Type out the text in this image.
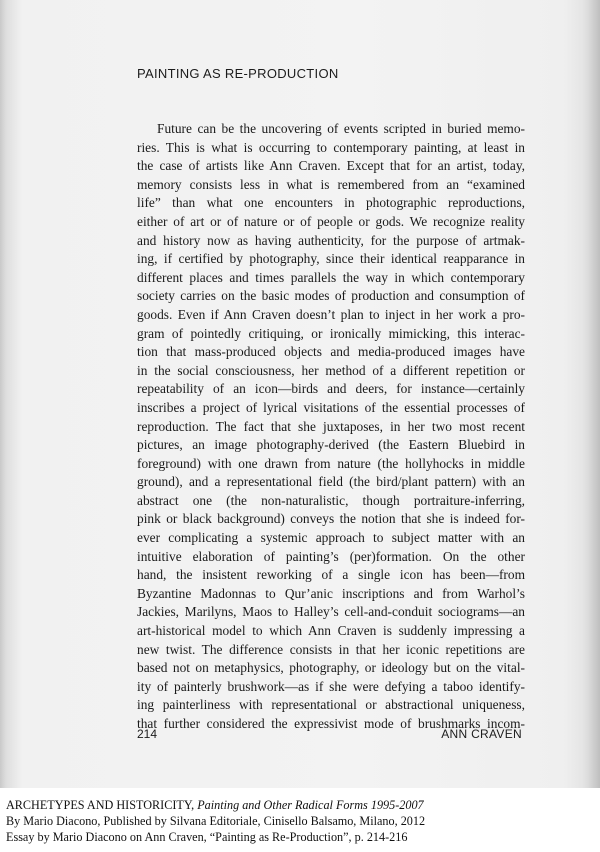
PAINTING AS RE-PRODUCTION
Future can be the uncovering of events scripted in buried memo-
ries. This is what is occurring to contemporary painting, at least in
the case of artists like Ann Craven. Except that for an artist, today,
memory consists less in what is remembered from an “examined
life” than what one encounters in photographic reproductions,
either of art or of nature or of people or gods. We recognize reality
and history now as having authenticity, for the purpose of artmak-
ing, if certified by photography, since their identical reapparance in
different places and times parallels the way in which contemporary
society carries on the basic modes of production and consumption of
goods. Even if Ann Craven doesn’t plan to inject in her work a pro-
gram of pointedly critiquing, or ironically mimicking, this interac-
tion that mass-produced objects and media-produced images have
in the social consciousness, her method of a different repetition or
repeatability of an icon—birds and deers, for instance—certainly
inscribes a project of lyrical visitations of the essential processes of
reproduction. The fact that she juxtaposes, in her two most recent
pictures, an image photography-derived (the Eastern Bluebird in
foreground) with one drawn from nature (the hollyhocks in middle
ground), and a representational field (the bird/plant pattern) with an
abstract one (the non-naturalistic, though portraiture-inferring,
pink or black background) conveys the notion that she is indeed for-
ever complicating a systemic approach to subject matter with an
intuitive elaboration of painting’s (per)formation. On the other
hand, the insistent reworking of a single icon has been—from
Byzantine Madonnas to Qur’anic inscriptions and from Warhol’s
Jackies, Marilyns, Maos to Halley’s cell-and-conduit sociograms—an
art-historical model to which Ann Craven is suddenly impressing a
new twist. The difference consists in that her iconic repetitions are
based not on metaphysics, photography, or ideology but on the vital-
ity of painterly brushwork—as if she were defying a taboo identify-
ing painterliness with representational or abstractional uniqueness,
that further considered the expressivist mode of brushmarks incom-
214	ANN CRAVEN
ARCHETYPES AND HISTORICITY, Painting and Other Radical Forms 1995-2007
By Mario Diacono, Published by Silvana Editoriale, Cinisello Balsamo, Milano, 2012
Essay by Mario Diacono on Ann Craven, “Painting as Re-Production”, p. 214-216
